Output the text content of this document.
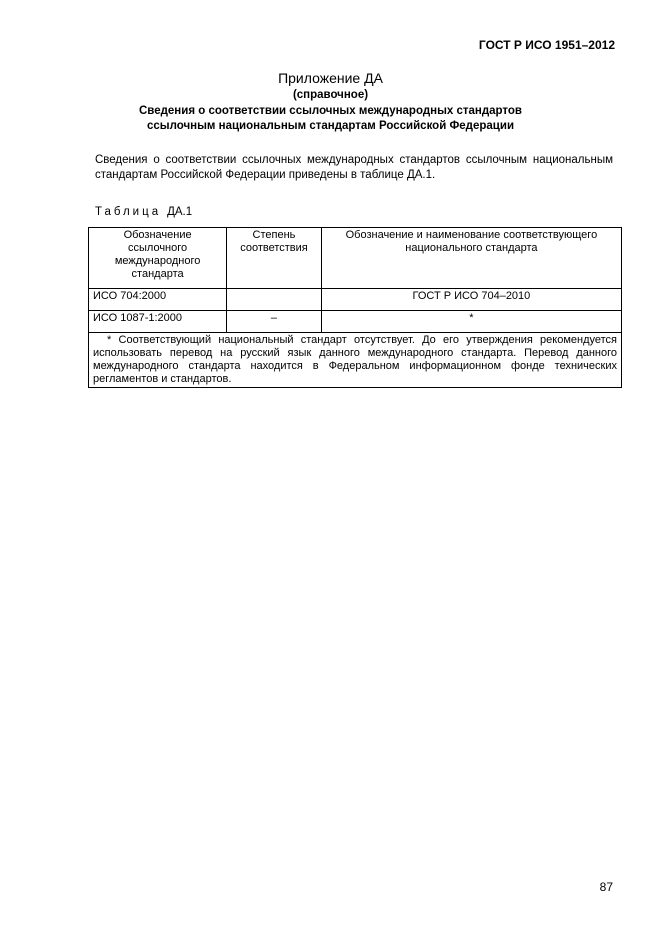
ГОСТ Р ИСО 1951–2012
Приложение ДА
(справочное)
Сведения о соответствии ссылочных международных стандартов
ссылочным национальным стандартам Российской Федерации
Сведения о соответствии ссылочных международных стандартов ссылочным национальным стандартам Российской Федерации приведены в таблице ДА.1.
Таблица ДА.1
Обозначение ссылочного международного стандарта	Степень соответствия	Обозначение и наименование соответствующего национального стандарта
ИСО 704:2000		ГОСТ Р ИСО 704–2010
ИСО 1087-1:2000	–	*

* Соответствующий национальный стандарт отсутствует. До его утверждения рекомендуется использовать перевод на русский язык данного международного стандарта. Перевод данного международного стандарта находится в Федеральном информационном фонде технических регламентов и стандартов.		
87
